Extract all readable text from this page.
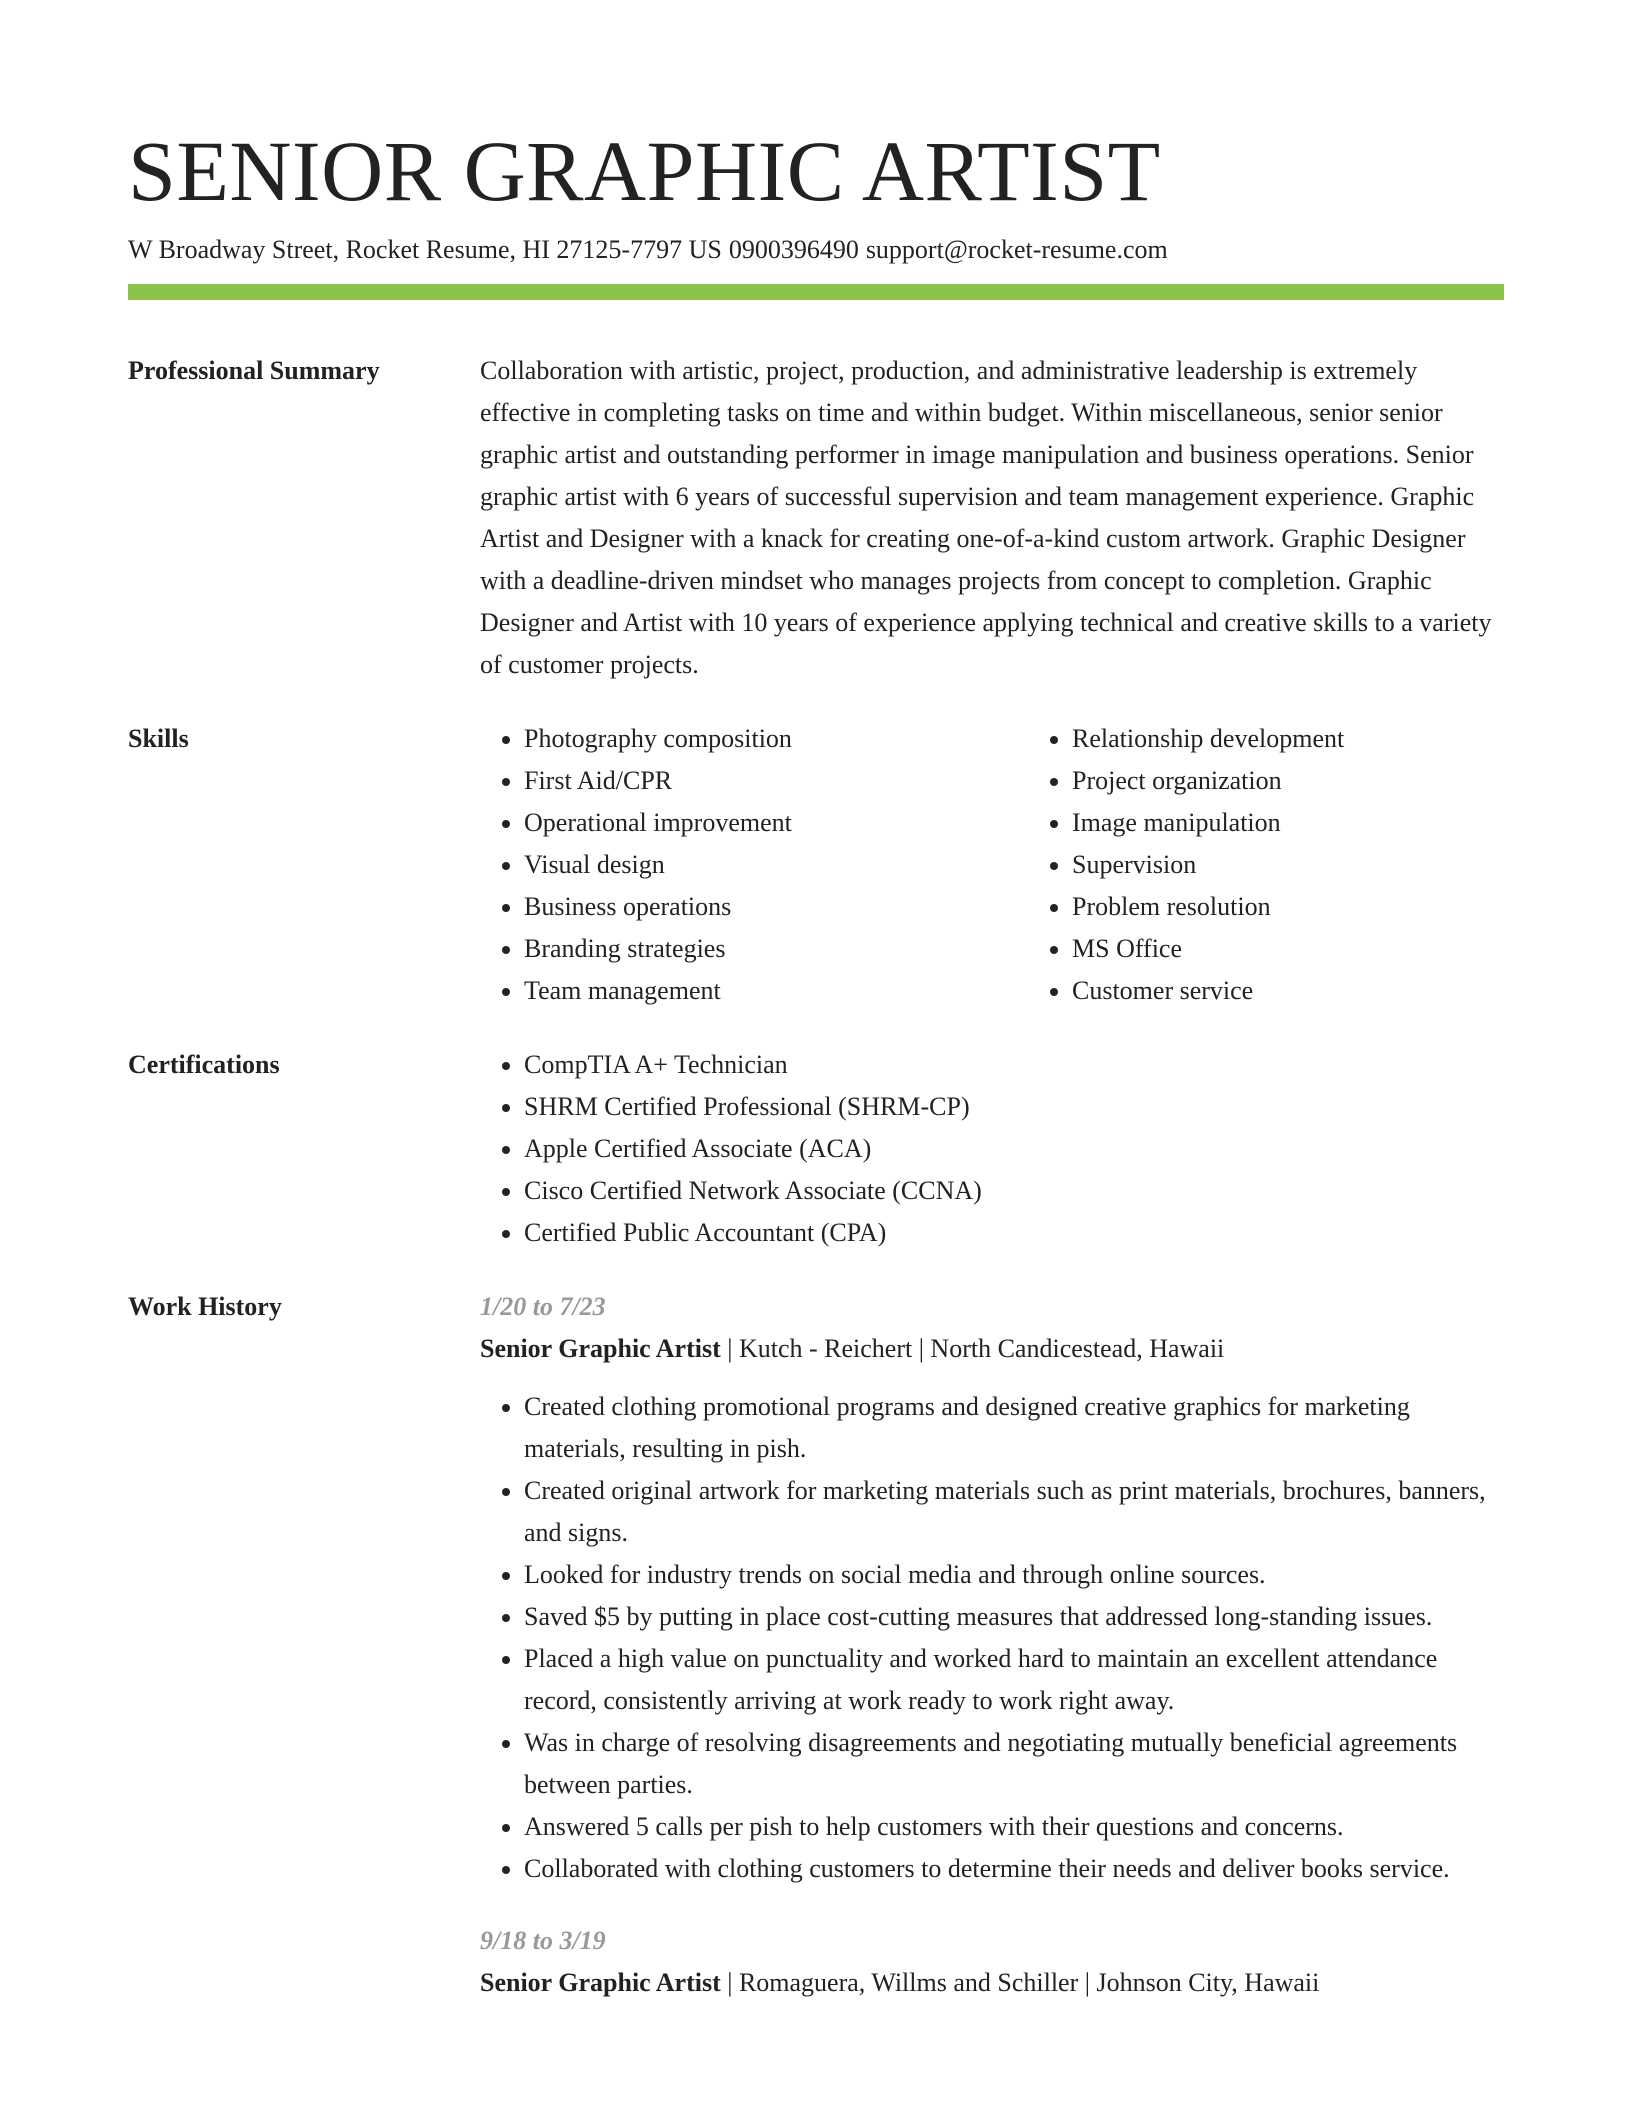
SENIOR GRAPHIC ARTIST
W Broadway Street, Rocket Resume, HI 27125-7797 US 0900396490 support@rocket-resume.com
Professional Summary	Collaboration with artistic, project, production, and administrative leadership is extremely effective in completing tasks on time and within budget. Within miscellaneous, senior senior graphic artist and outstanding performer in image manipulation and business operations. Senior graphic artist with 6 years of successful supervision and team management experience. Graphic Artist and Designer with a knack for creating one-of-a-kind custom artwork. Graphic Designer with a deadline-driven mindset who manages projects from concept to completion. Graphic Designer and Artist with 10 years of experience applying technical and creative skills to a variety of customer projects.
Skills	• Photography composition
• First Aid/CPR
• Operational improvement
• Visual design
• Business operations
• Branding strategies
• Team management
• Relationship development
• Project organization
• Image manipulation
• Supervision
• Problem resolution
• MS Office
• Customer service
Certifications	• CompTIA A+ Technician
• SHRM Certified Professional (SHRM-CP)
• Apple Certified Associate (ACA)
• Cisco Certified Network Associate (CCNA)
• Certified Public Accountant (CPA)
Work History	1/20 to 7/23
Senior Graphic Artist | Kutch - Reichert | North Candicestead, Hawaii
• Created clothing promotional programs and designed creative graphics for marketing materials, resulting in pish.
• Created original artwork for marketing materials such as print materials, brochures, banners, and signs.
• Looked for industry trends on social media and through online sources.
• Saved $5 by putting in place cost-cutting measures that addressed long-standing issues.
• Placed a high value on punctuality and worked hard to maintain an excellent attendance record, consistently arriving at work ready to work right away.
• Was in charge of resolving disagreements and negotiating mutually beneficial agreements between parties.
• Answered 5 calls per pish to help customers with their questions and concerns.
• Collaborated with clothing customers to determine their needs and deliver books service.
9/18 to 3/19
Senior Graphic Artist | Romaguera, Willms and Schiller | Johnson City, Hawaii
